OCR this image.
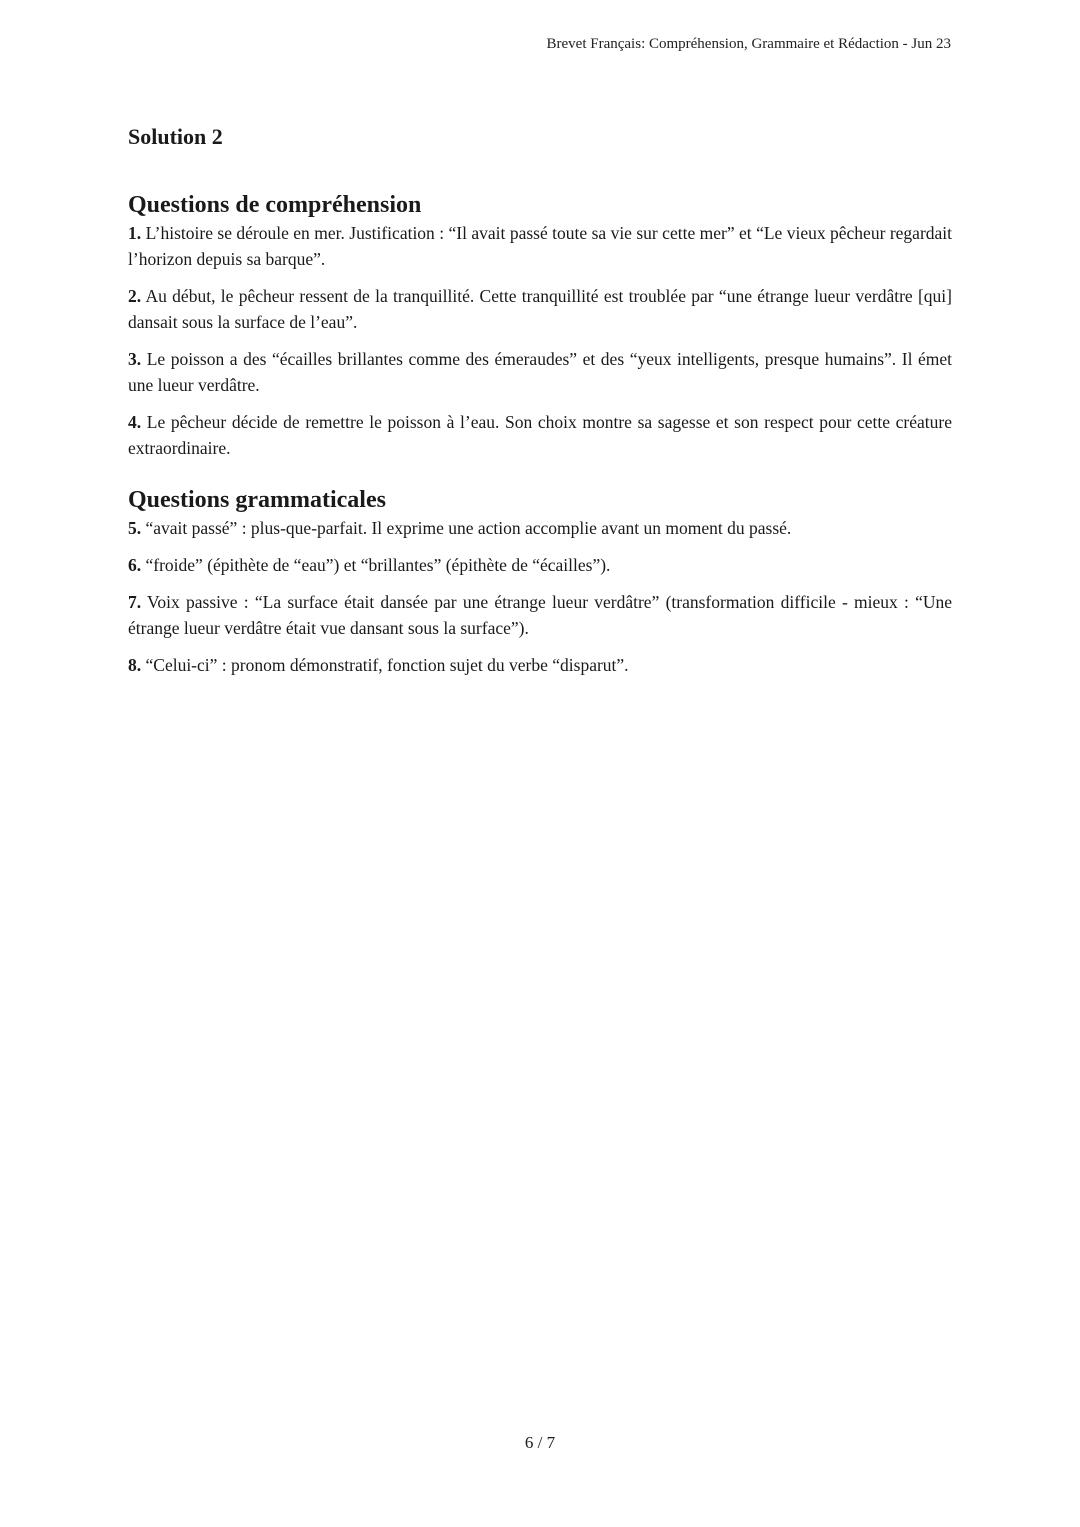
Brevet Français: Compréhension, Grammaire et Rédaction - Jun 23
Solution 2
Questions de compréhension

1. L’histoire se déroule en mer. Justification : “Il avait passé toute sa vie sur cette mer” et “Le vieux pêcheur regardait l’horizon depuis sa barque”.

2. Au début, le pêcheur ressent de la tranquillité. Cette tranquillité est troublée par “une étrange lueur verdâtre [qui] dansait sous la surface de l’eau”.

3. Le poisson a des “écailles brillantes comme des émeraudes” et des “yeux intelligents, presque humains”. Il émet une lueur verdâtre.

4. Le pêcheur décide de remettre le poisson à l’eau. Son choix montre sa sagesse et son respect pour cette créature extraordinaire.

Questions grammaticales

5. “avait passé” : plus-que-parfait. Il exprime une action accomplie avant un moment du passé.

6. “froide” (épithète de “eau”) et “brillantes” (épithète de “écailles”).

7. Voix passive : “La surface était dansée par une étrange lueur verdâtre” (transformation difficile - mieux : “Une étrange lueur verdâtre était vue dansant sous la surface”).

8. “Celui-ci” : pronom démonstratif, fonction sujet du verbe “disparut”.

6 / 7
